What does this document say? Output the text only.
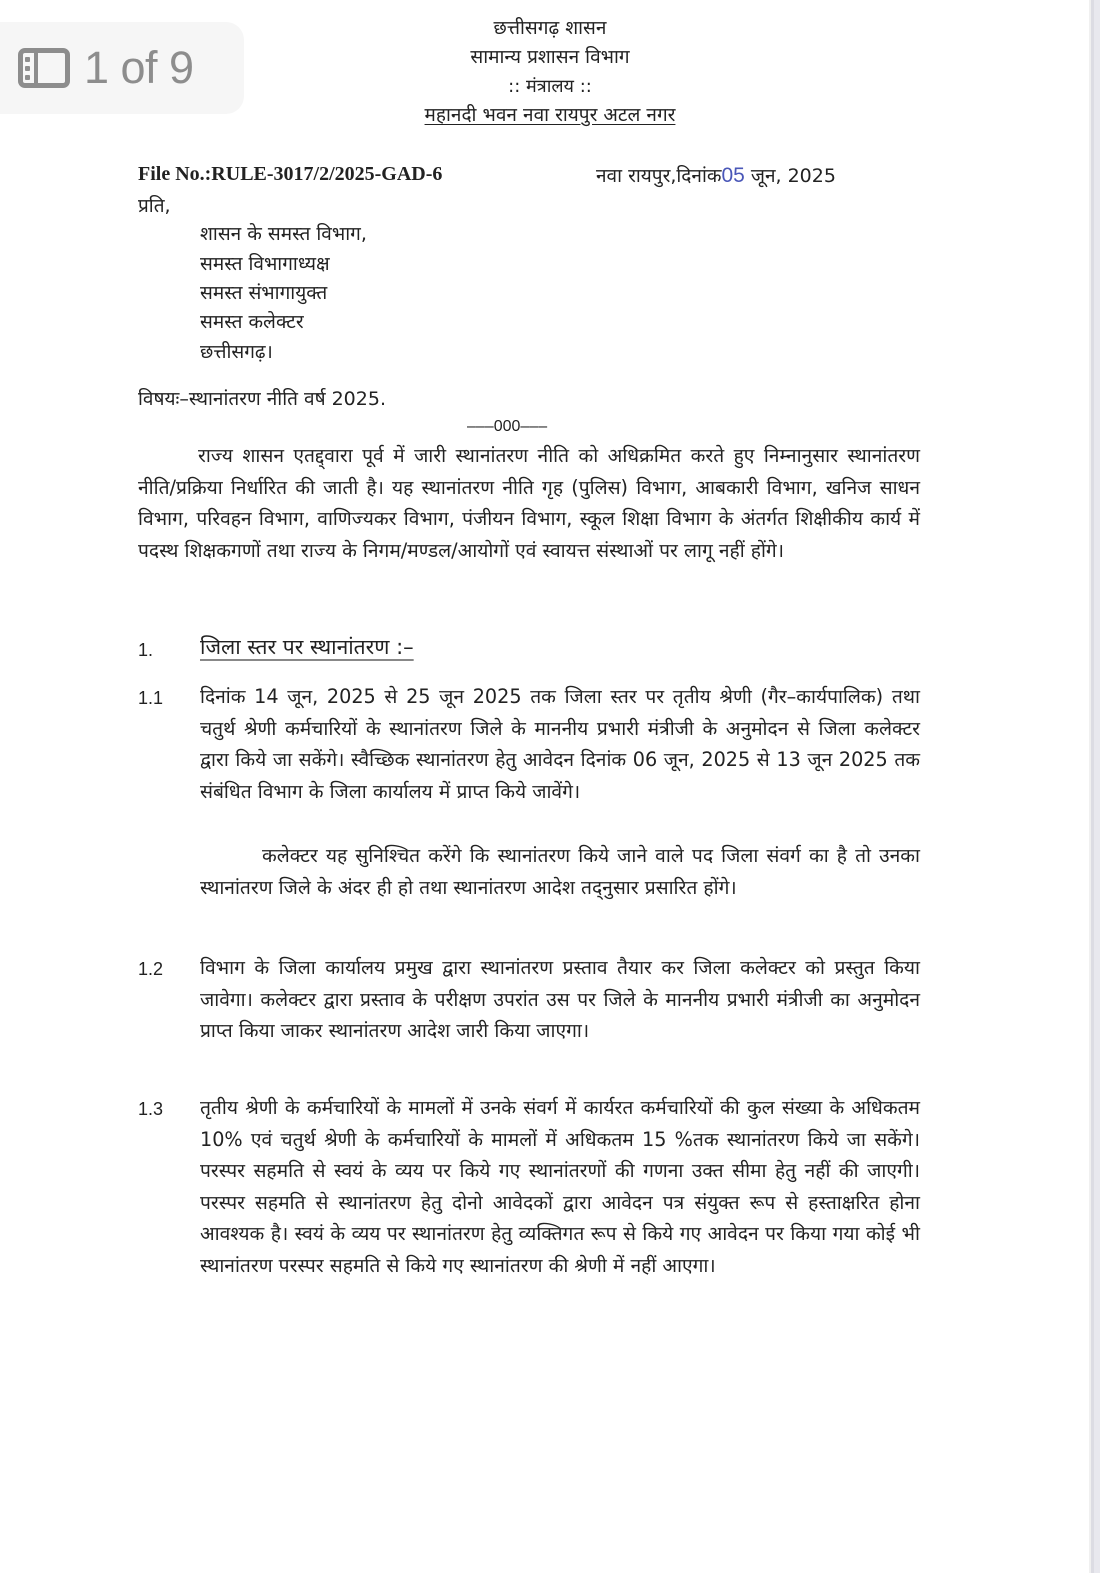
छत्तीसगढ़ शासन
सामान्य प्रशासन विभाग
:: मंत्रालय ::
महानदी भवन नवा रायपुर अटल नगर
File No.:RULE-3017/2/2025-GAD-6	नवा रायपुर,दिनांक05 जून, 2025
प्रति,
शासन के समस्त विभाग,
समस्त विभागाध्यक्ष
समस्त संभागायुक्त
समस्त कलेक्टर
छत्तीसगढ़।
विषयः–स्थानांतरण नीति वर्ष 2025.
–––000–––
राज्य शासन एतद्द्वारा पूर्व में जारी स्थानांतरण नीति को अधिक्रमित करते हुए निम्नानुसार स्थानांतरण नीति/प्रक्रिया निर्धारित की जाती है। यह स्थानांतरण नीति गृह (पुलिस) विभाग, आबकारी विभाग, खनिज साधन विभाग, परिवहन विभाग, वाणिज्यकर विभाग, पंजीयन विभाग, स्कूल शिक्षा विभाग के अंतर्गत शिक्षीकीय कार्य में पदस्थ शिक्षकगणों तथा राज्य के निगम/मण्डल/आयोगों एवं स्वायत्त संस्थाओं पर लागू नहीं होंगे।
1. जिला स्तर पर स्थानांतरण :–
1.1 दिनांक 14 जून, 2025 से 25 जून 2025 तक जिला स्तर पर तृतीय श्रेणी (गैर–कार्यपालिक) तथा चतुर्थ श्रेणी कर्मचारियों के स्थानांतरण जिले के माननीय प्रभारी मंत्रीजी के अनुमोदन से जिला कलेक्टर द्वारा किये जा सकेंगे। स्वैच्छिक स्थानांतरण हेतु आवेदन दिनांक 06 जून, 2025 से 13 जून 2025 तक संबंधित विभाग के जिला कार्यालय में प्राप्त किये जावेंगे।
कलेक्टर यह सुनिश्चित करेंगे कि स्थानांतरण किये जाने वाले पद जिला संवर्ग का है तो उनका स्थानांतरण जिले के अंदर ही हो तथा स्थानांतरण आदेश तद्नुसार प्रसारित होंगे।
1.2 विभाग के जिला कार्यालय प्रमुख द्वारा स्थानांतरण प्रस्ताव तैयार कर जिला कलेक्टर को प्रस्तुत किया जावेगा। कलेक्टर द्वारा प्रस्ताव के परीक्षण उपरांत उस पर जिले के माननीय प्रभारी मंत्रीजी का अनुमोदन प्राप्त किया जाकर स्थानांतरण आदेश जारी किया जाएगा।
1.3 तृतीय श्रेणी के कर्मचारियों के मामलों में उनके संवर्ग में कार्यरत कर्मचारियों की कुल संख्या के अधिकतम 10% एवं चतुर्थ श्रेणी के कर्मचारियों के मामलों में अधिकतम 15 %तक स्थानांतरण किये जा सकेंगे। परस्पर सहमति से स्वयं के व्यय पर किये गए स्थानांतरणों की गणना उक्त सीमा हेतु नहीं की जाएगी। परस्पर सहमति से स्थानांतरण हेतु दोनो आवेदकों द्वारा आवेदन पत्र संयुक्त रूप से हस्ताक्षरित होना आवश्यक है। स्वयं के व्यय पर स्थानांतरण हेतु व्यक्तिगत रूप से किये गए आवेदन पर किया गया कोई भी स्थानांतरण परस्पर सहमति से किये गए स्थानांतरण की श्रेणी में नहीं आएगा।
1 of 9
